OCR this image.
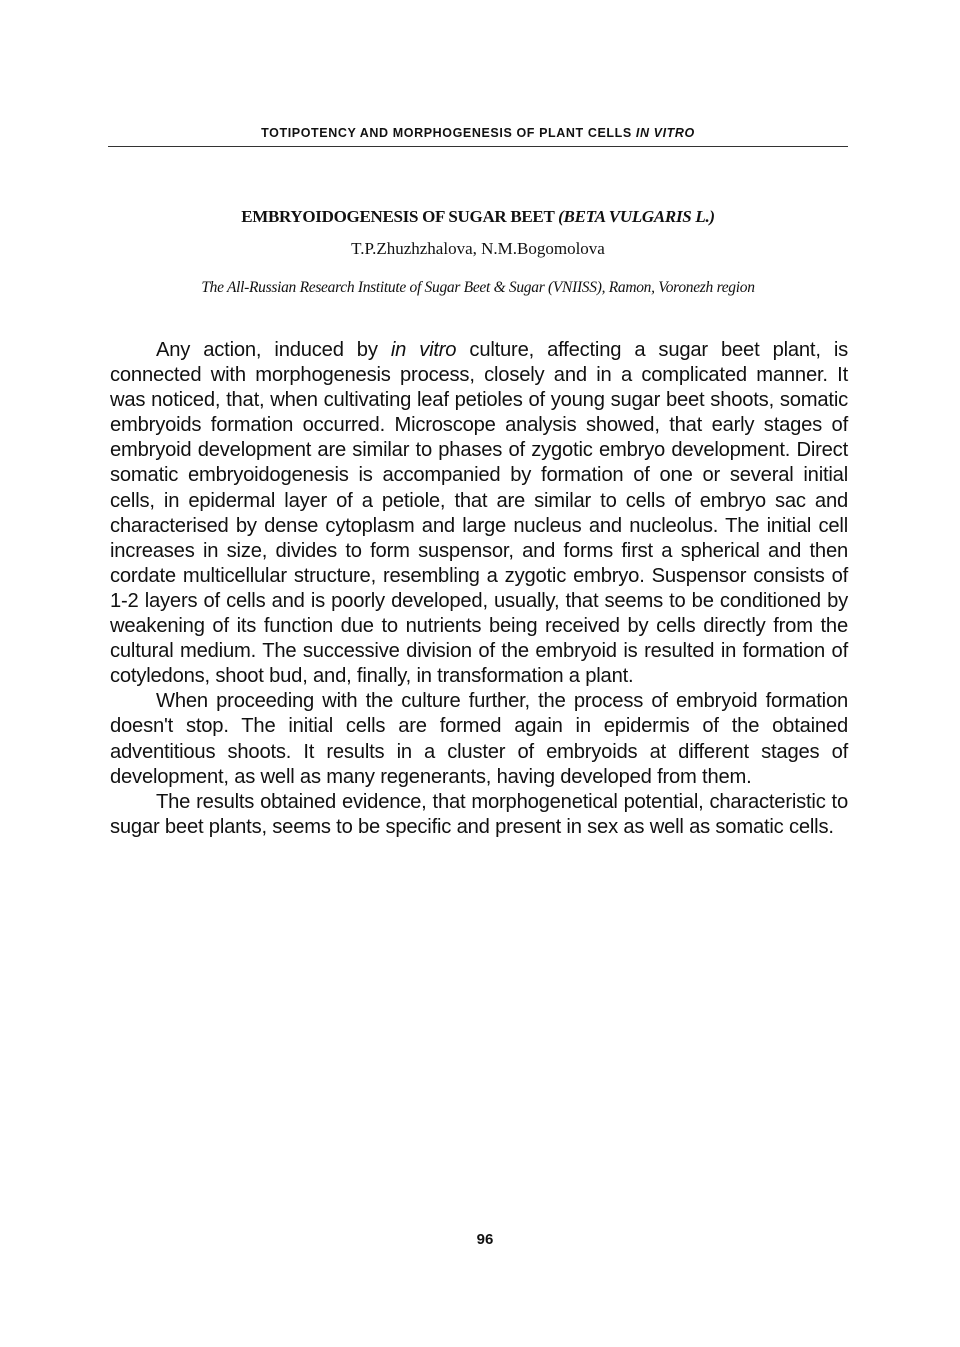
TOTIPOTENCY AND MORPHOGENESIS OF PLANT CELLS IN VITRO
EMBRYOIDOGENESIS OF SUGAR BEET (BETA VULGARIS L.)
T.P.Zhuzhzhalova, N.M.Bogomolova
The All-Russian Research Institute of Sugar Beet & Sugar (VNIISS), Ramon, Voronezh region

Any action, induced by in vitro culture, affecting a sugar beet plant, is connected with morphogenesis process, closely and in a complicated manner. It was noticed, that, when cultivating leaf petioles of young sugar beet shoots, somatic embryoids formation occurred. Microscope analysis showed, that early stages of embryoid development are similar to phases of zygotic embryo development. Direct somatic embryoidogenesis is accompanied by formation of one or several initial cells, in epidermal layer of a petiole, that are similar to cells of embryo sac and characterised by dense cytoplasm and large nucleus and nucleolus. The initial cell increases in size, divides to form suspensor, and forms first a spherical and then cordate multicellular structure, resembling a zygotic embryo. Suspensor consists of 1-2 layers of cells and is poorly developed, usually, that seems to be conditioned by weakening of its function due to nutrients being received by cells directly from the cultural medium. The successive division of the embryoid is resulted in formation of cotyledons, shoot bud, and, finally, in transformation a plant.

When proceeding with the culture further, the process of embryoid formation doesn't stop. The initial cells are formed again in epidermis of the obtained adventitious shoots. It results in a cluster of embryoids at different stages of development, as well as many regenerants, having developed from them.

The results obtained evidence, that morphogenetical potential, characteristic to sugar beet plants, seems to be specific and present in sex as well as somatic cells.

96
